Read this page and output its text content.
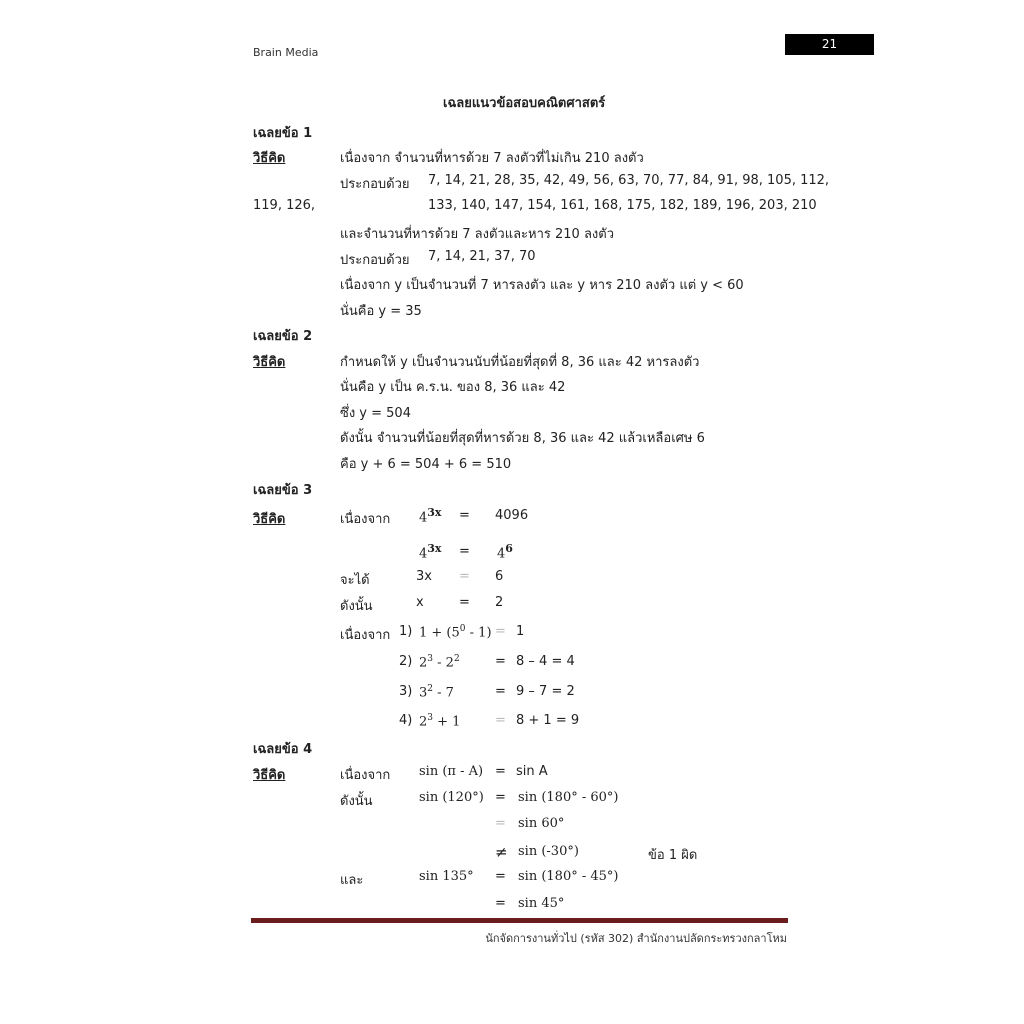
Brain Media
21
เฉลยแนวข้อสอบคณิตศาสตร์
เฉลยข้อ 1
วิธีคิด	เนื่องจาก จำนวนที่หารด้วย 7 ลงตัวที่ไม่เกิน 210 ลงตัว
ประกอบด้วย 7, 14, 21, 28, 35, 42, 49, 56, 63, 70, 77, 84, 91, 98, 105, 112,
119, 126,	133, 140, 147, 154, 161, 168, 175, 182, 189, 196, 203, 210
และจำนวนที่หารด้วย 7 ลงตัวและหาร 210 ลงตัว
ประกอบด้วย 7, 14, 21, 37, 70
เนื่องจาก y เป็นจำนวนที่ 7 หารลงตัว และ y หาร 210 ลงตัว แต่ y < 60
นั่นคือ y = 35
เฉลยข้อ 2
วิธีคิด	กำหนดให้ y เป็นจำนวนนับที่น้อยที่สุดที่ 8, 36 และ 42 หารลงตัว
นั่นคือ y เป็น ค.ร.น. ของ 8, 36 และ 42
ซึ่ง y = 504
ดังนั้น จำนวนที่น้อยที่สุดที่หารด้วย 8, 36 และ 42 แล้วเหลือเศษ 6
คือ y + 6 = 504 + 6 = 510
เฉลยข้อ 3
วิธีคิด	เนื่องจาก $4^{3x} = 4096$
$4^{3x} = 4^6$
จะได้	3x = 6
ดังนั้น	x	= 2
เนื่องจาก 1) $1 + (5^0 - 1) = 1$
2) $2^3 - 2^2$	= 8 – 4 = 4
3) $3^2 - 7$	= 9 – 7 = 2
4) $2^3 + 1$	= 8 + 1 = 9
เฉลยข้อ 4
วิธีคิด	เนื่องจาก sin (π - A) = sin A
ดังนั้น	sin (120°) = sin (180° - 60°)
= sin 60°
≠ sin (-30°)	ข้อ 1 ผิด
และ	sin 135° = sin (180° - 45°)
= sin 45°
นักจัดการงานทั่วไป (รหัส 302) สำนักงานปลัดกระทรวงกลาโหม
